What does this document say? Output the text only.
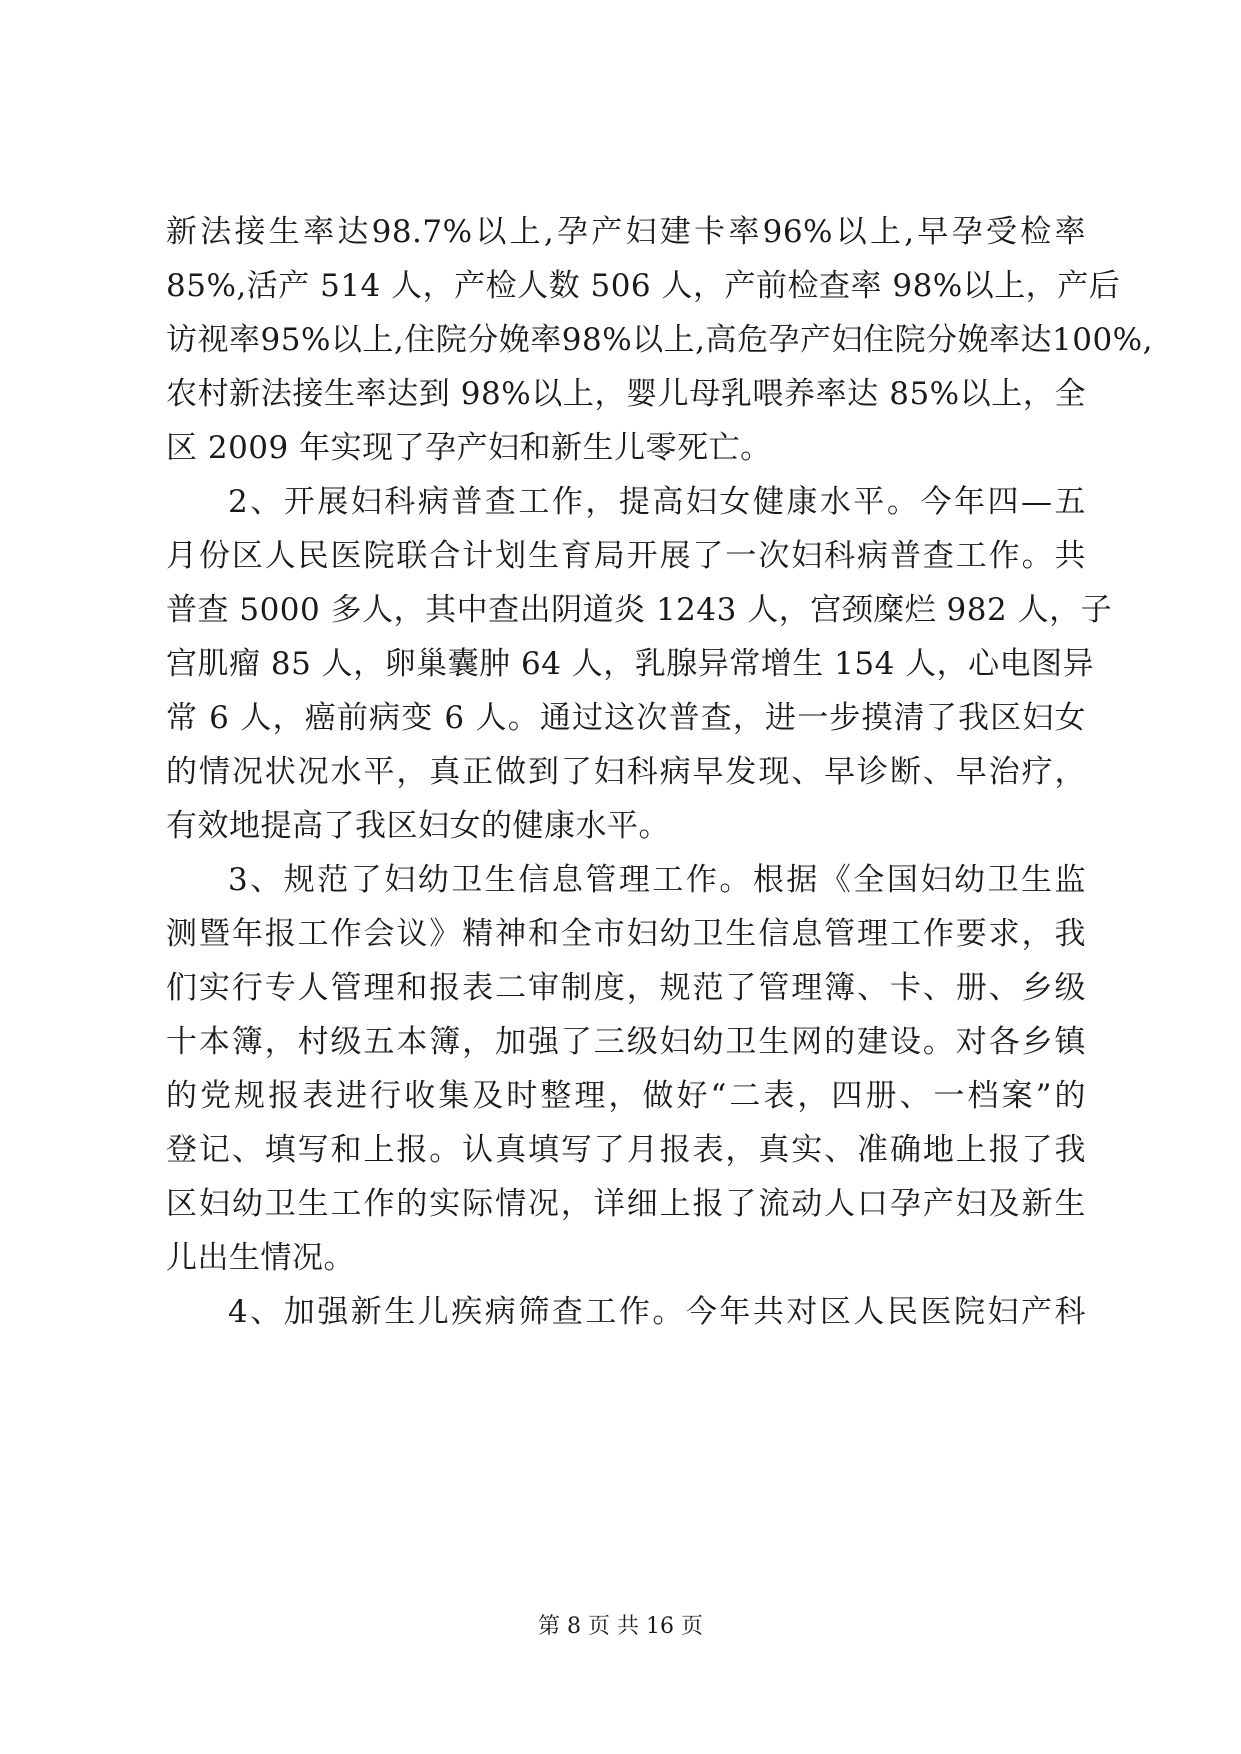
新法接生率达98.7%以上,孕产妇建卡率96%以上,早孕受检率
85%,活产 514 人，产检人数 506 人，产前检查率 98%以上，产后
访视率95%以上,住院分娩率98%以上,高危孕产妇住院分娩率达100%,
农村新法接生率达到 98%以上，婴儿母乳喂养率达 85%以上，全
区 2009 年实现了孕产妇和新生儿零死亡。
2、开展妇科病普查工作，提高妇女健康水平。今年四—五
月份区人民医院联合计划生育局开展了一次妇科病普查工作。共
普查 5000 多人，其中查出阴道炎 1243 人，宫颈糜烂 982 人，子
宫肌瘤 85 人，卵巢囊肿 64 人，乳腺异常增生 154 人，心电图异
常 6 人，癌前病变 6 人。通过这次普查，进一步摸清了我区妇女
的情况状况水平，真正做到了妇科病早发现、早诊断、早治疗，
有效地提高了我区妇女的健康水平。
3、规范了妇幼卫生信息管理工作。根据《全国妇幼卫生监
测暨年报工作会议》精神和全市妇幼卫生信息管理工作要求，我
们实行专人管理和报表二审制度，规范了管理簿、卡、册、乡级
十本簿，村级五本簿，加强了三级妇幼卫生网的建设。对各乡镇
的党规报表进行收集及时整理，做好“二表，四册、一档案”的
登记、填写和上报。认真填写了月报表，真实、准确地上报了我
区妇幼卫生工作的实际情况，详细上报了流动人口孕产妇及新生
儿出生情况。
4、加强新生儿疾病筛查工作。今年共对区人民医院妇产科
第 8 页 共 16 页
